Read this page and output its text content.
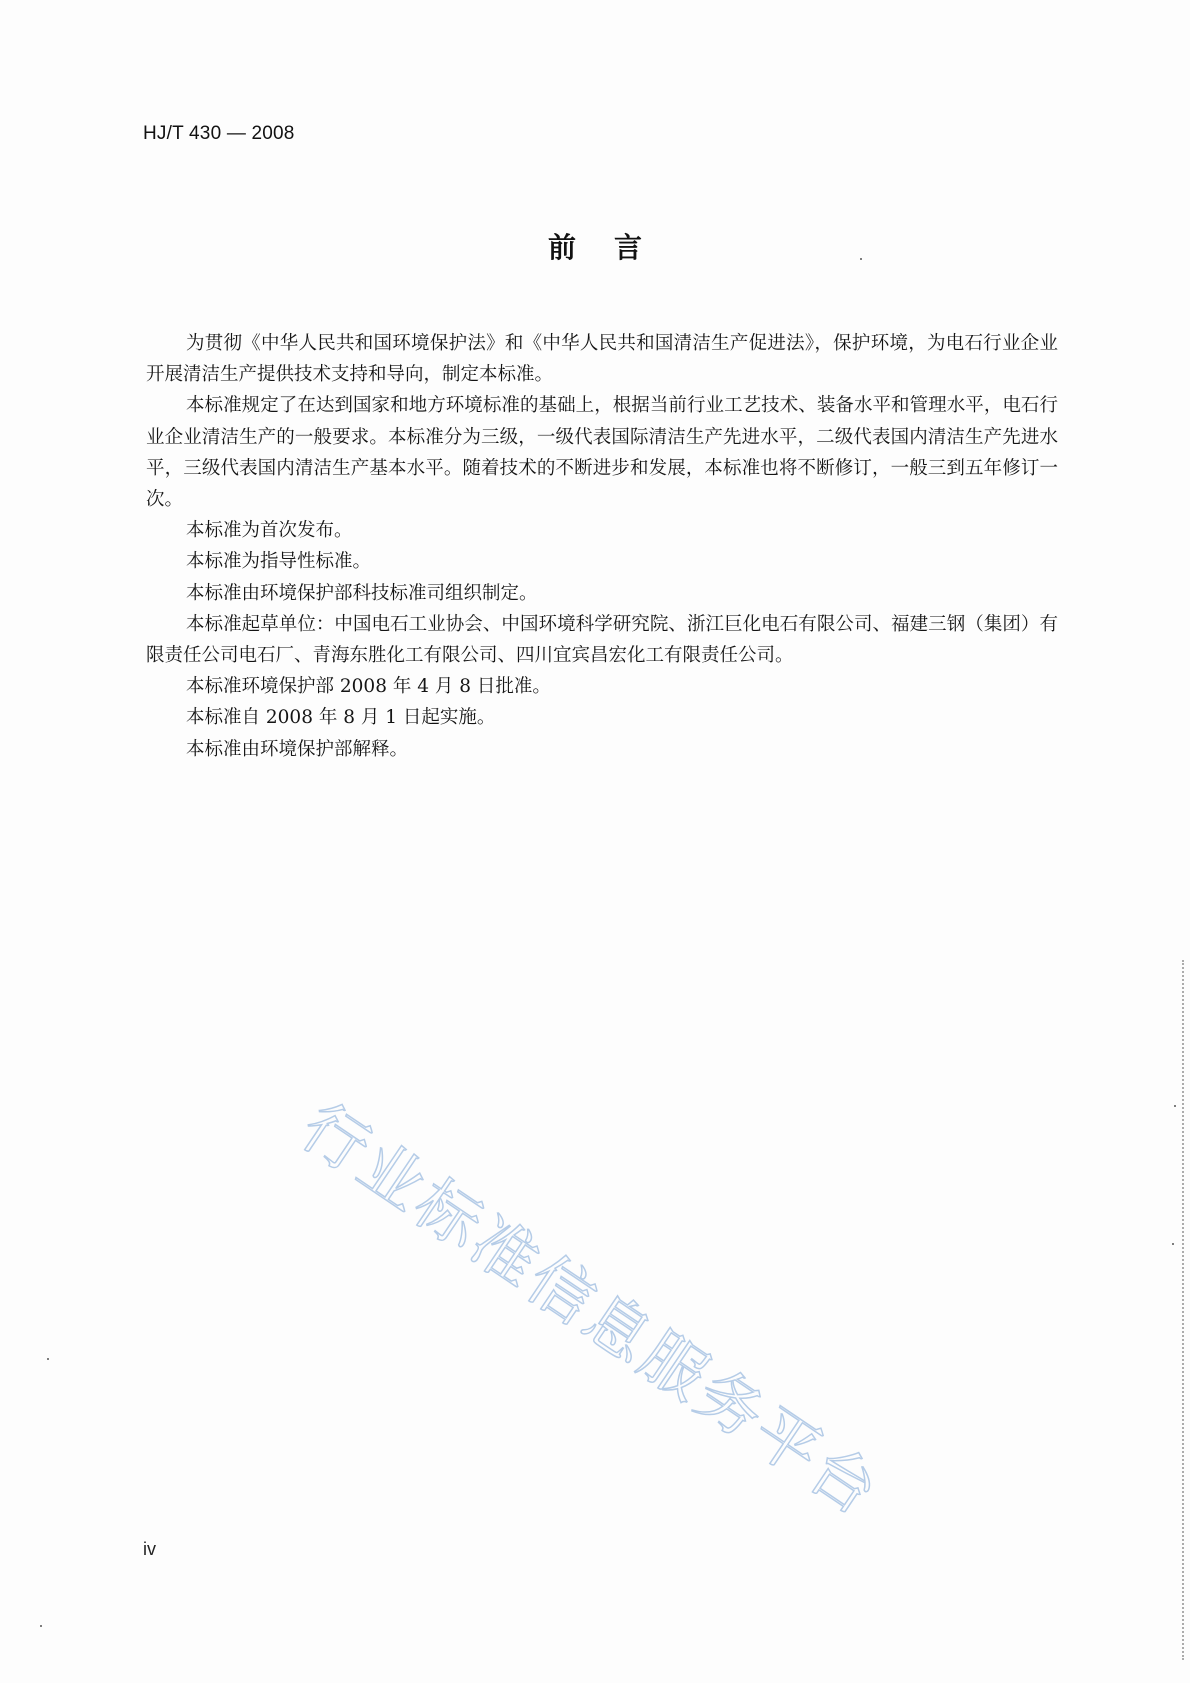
HJ/T 430 — 2008
前言

为贯彻《中华人民共和国环境保护法》和《中华人民共和国清洁生产促进法》，保护环境，为电石行业企业开展清洁生产提供技术支持和导向，制定本标准。

本标准规定了在达到国家和地方环境标准的基础上，根据当前行业工艺技术、装备水平和管理水平，电石行业企业清洁生产的一般要求。本标准分为三级，一级代表国际清洁生产先进水平，二级代表国内清洁生产先进水平，三级代表国内清洁生产基本水平。随着技术的不断进步和发展，本标准也将不断修订，一般三到五年修订一次。

本标准为首次发布。

本标准为指导性标准。

本标准由环境保护部科技标准司组织制定。

本标准起草单位：中国电石工业协会、中国环境科学研究院、浙江巨化电石有限公司、福建三钢（集团）有限责任公司电石厂、青海东胜化工有限公司、四川宜宾昌宏化工有限责任公司。

本标准环境保护部 2008 年 4 月 8 日批准。

本标准自 2008 年 8 月 1 日起实施。

本标准由环境保护部解释。

行业标准信息服务平台
iv
